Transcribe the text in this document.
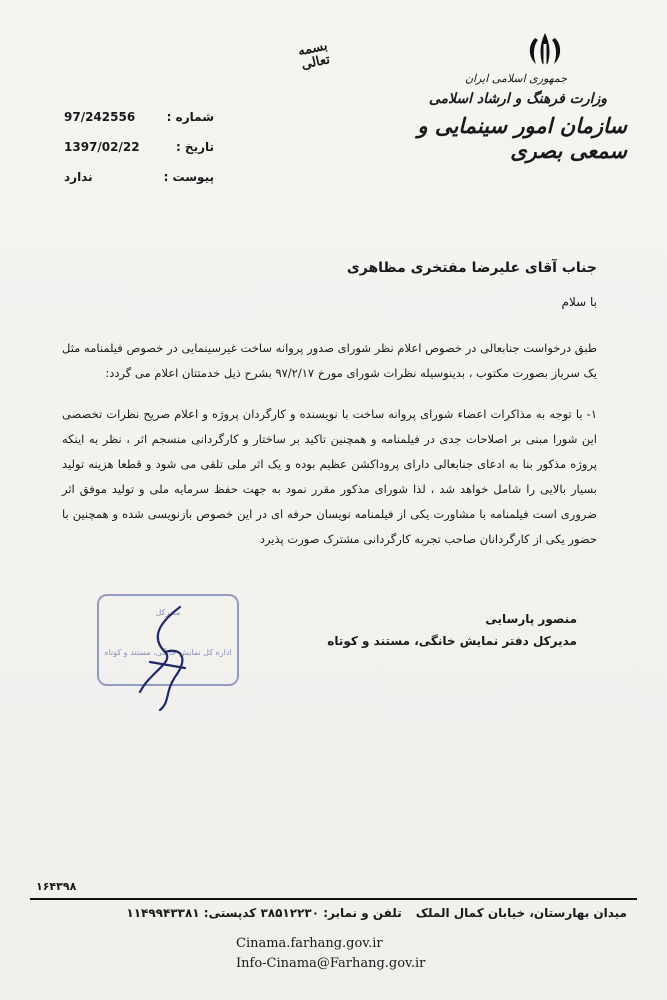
بسمه تعالی
جمهوری اسلامی ایران
وزارت فرهنگ و ارشاد اسلامی
سازمان امور سینمایی و سمعی بصری
شماره :
97/242556
تاریخ :
1397/02/22
پیوست :
ندارد
جناب آقای علیرضا مفتخری مظاهری
با سلام

طبق درخواست جنابعالی در خصوص اعلام نظر شورای صدور پروانه ساخت غیرسینمایی در خصوص فیلمنامه مثل یک سرباز بصورت مکتوب ، بدینوسیله نظرات شورای مورخ ۹۷/۲/۱۷ بشرح ذیل خدمتتان اعلام می گردد:

۱- با توجه به مذاکرات اعضاء شورای پروانه ساخت با نویسنده و کارگردان پروژه و اعلام صریح نظرات تخصصی این شورا مبنی بر اصلاحات جدی در فیلمنامه و همچنین تاکید بر ساختار و کارگردانی منسجم اثر ، نظر به اینکه پروژه مذکور بنا به ادعای جنابعالی دارای پروداکشن عظیم بوده و یک اثر ملی تلقی می شود و قطعا هزینه تولید بسیار بالایی را شامل خواهد شد ، لذا شورای مذکور مقرر نمود به جهت حفظ سرمایه ملی و تولید موفق اثر ضروری است فیلمنامه با مشاورت یکی از فیلمنامه نویسان حرفه ای در این خصوص بازنویسی شده و همچنین با حضور یکی از کارگردانان صاحب تجربه کارگردانی مشترک صورت پذیرد

مدیرکل
اداره کل نمایش خانگی، مستند و کوتاه
منصور پارسایی
مدیرکل دفتر نمایش خانگی، مستند و کوتاه
۱۶۴۳۹۸
میدان بهارستان، خیابان کمال الملک
تلفن و نمابر: ۳۸۵۱۲۲۳۰ کدپستی: ۱۱۴۹۹۴۳۳۸۱
Cinama.farhang.gov.ir
Info-Cinama@Farhang.gov.ir
